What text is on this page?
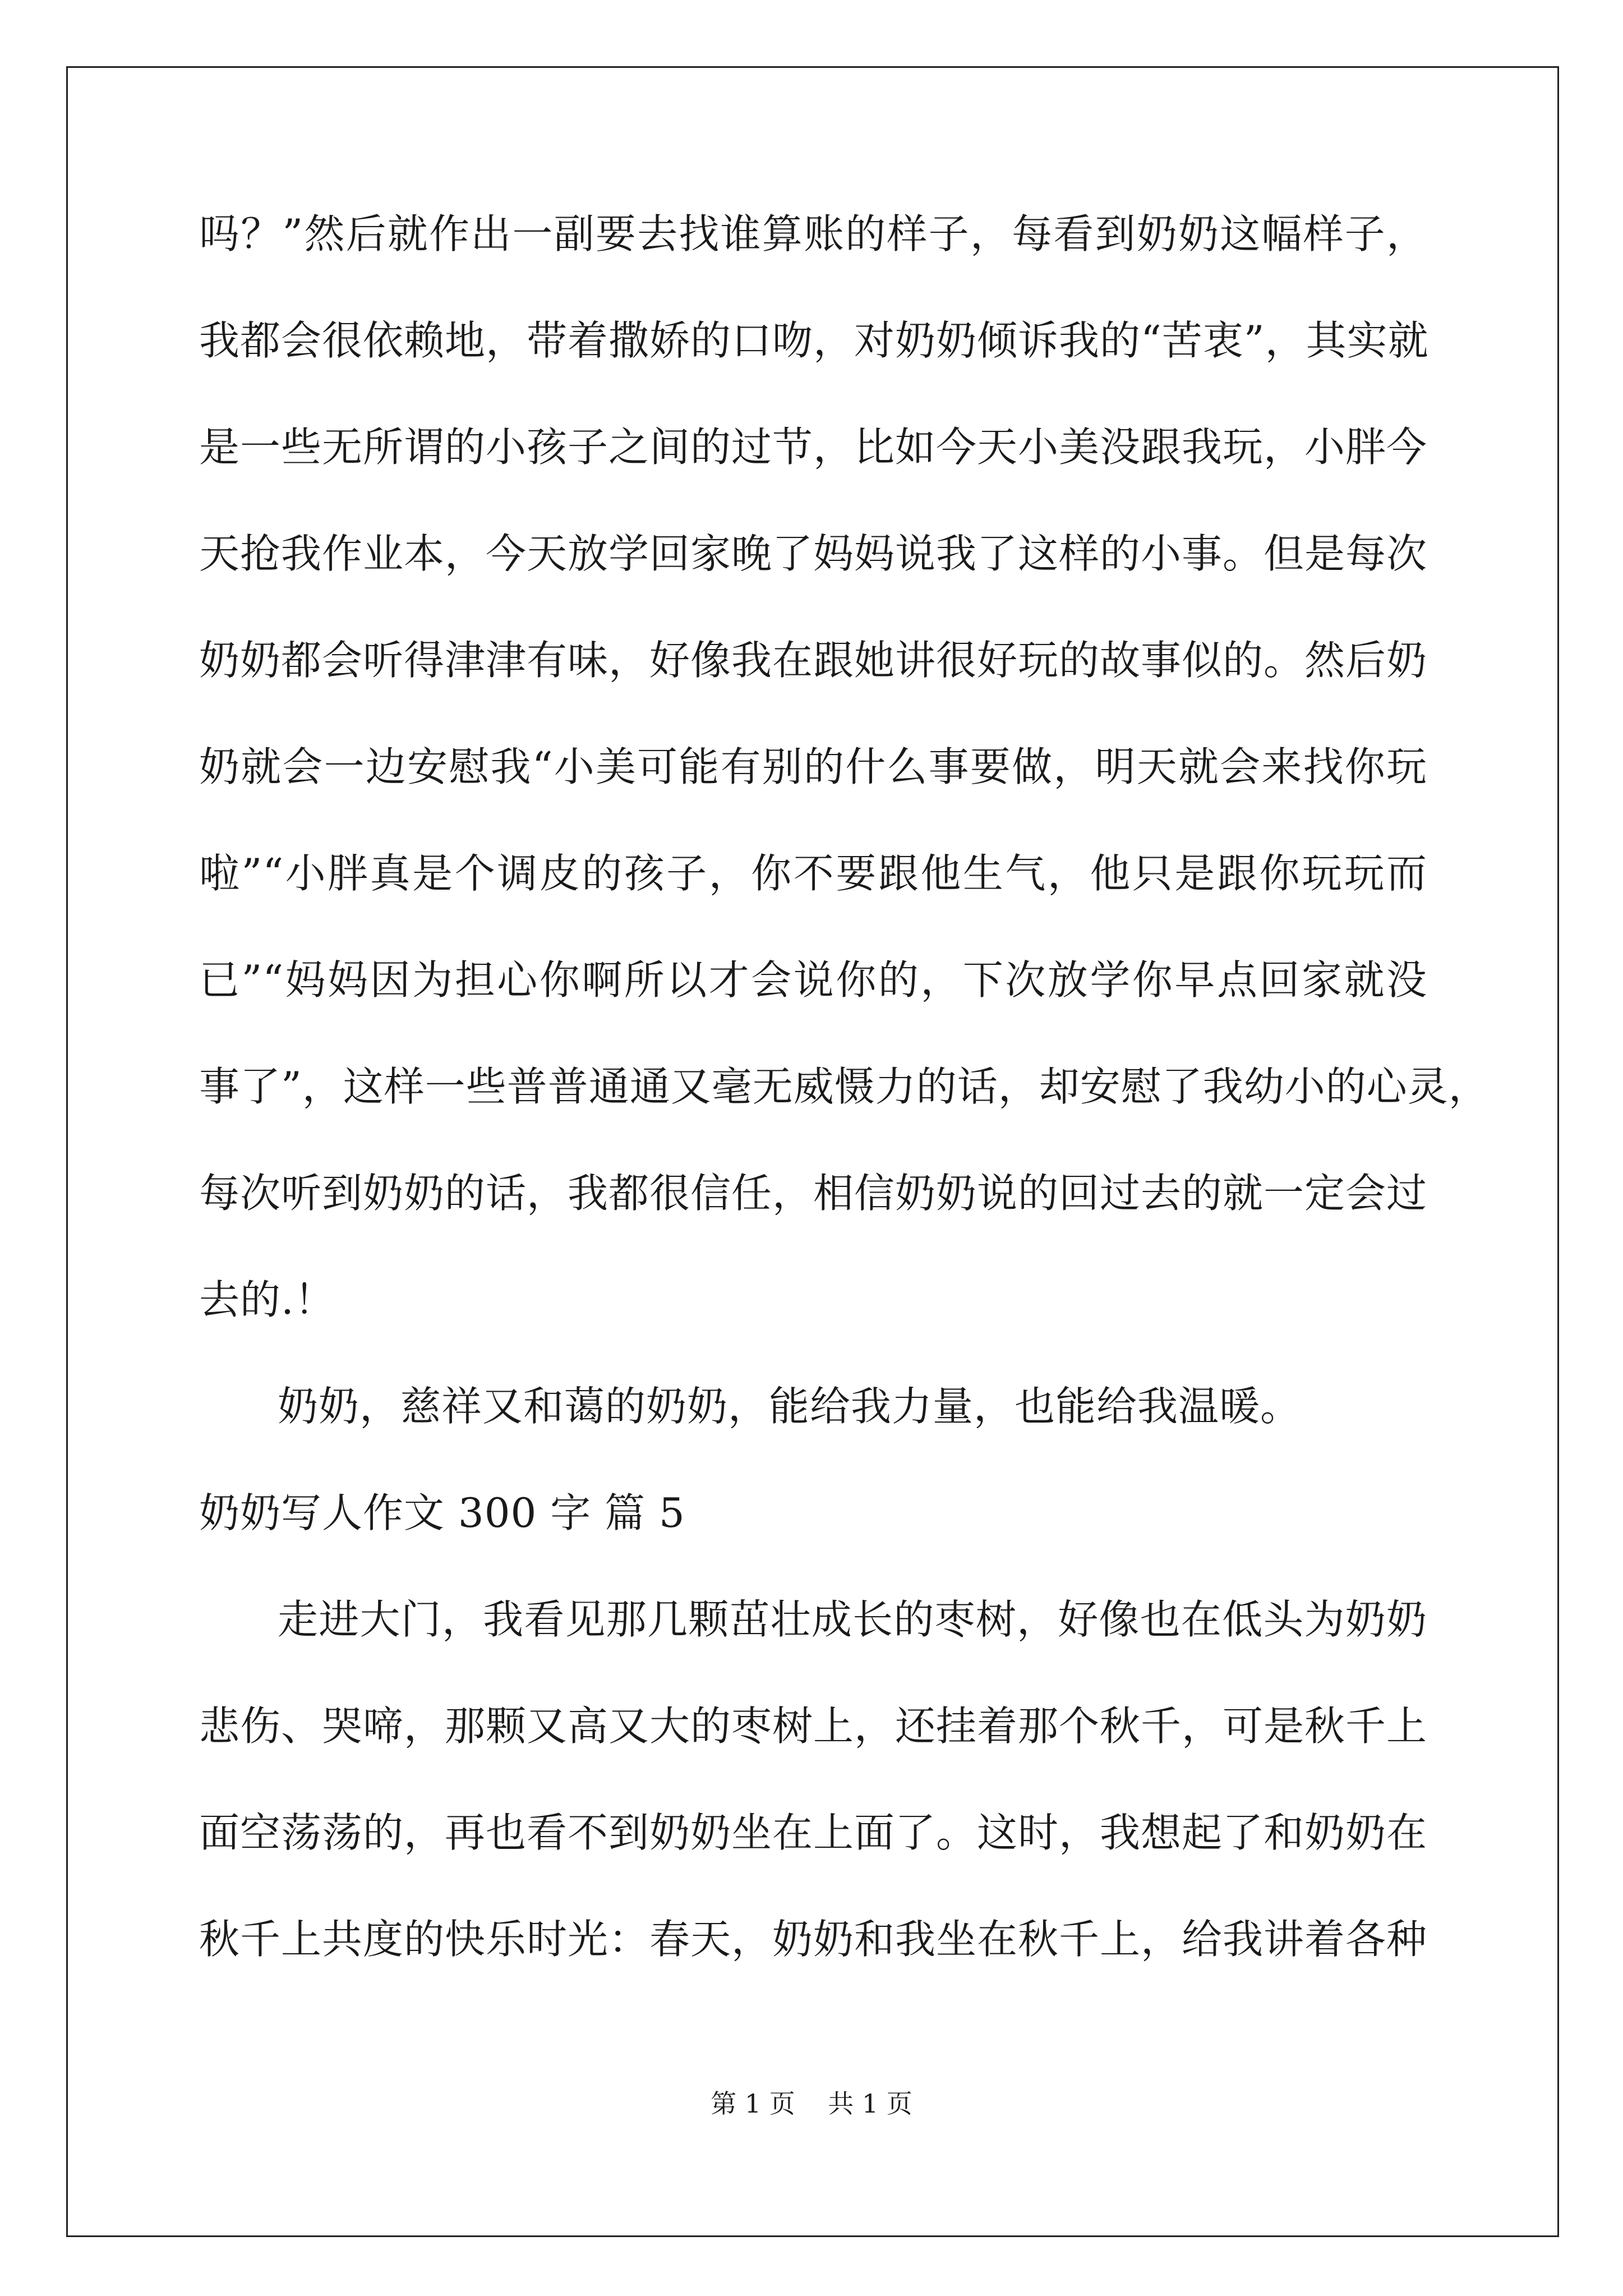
吗？”然后就作出一副要去找谁算账的样子，每看到奶奶这幅样子，
我都会很依赖地，带着撒娇的口吻，对奶奶倾诉我的“苦衷”，其实就
是一些无所谓的小孩子之间的过节，比如今天小美没跟我玩，小胖今
天抢我作业本，今天放学回家晚了妈妈说我了这样的小事。但是每次
奶奶都会听得津津有味，好像我在跟她讲很好玩的故事似的。然后奶
奶就会一边安慰我“小美可能有别的什么事要做，明天就会来找你玩
啦”“小胖真是个调皮的孩子，你不要跟他生气，他只是跟你玩玩而
已”“妈妈因为担心你啊所以才会说你的，下次放学你早点回家就没
事了”，这样一些普普通通又毫无威慑力的话，却安慰了我幼小的心灵，
每次听到奶奶的话，我都很信任，相信奶奶说的回过去的就一定会过
去的.！
奶奶，慈祥又和蔼的奶奶，能给我力量，也能给我温暖。
奶奶写人作文 300 字 篇 5
走进大门，我看见那几颗茁壮成长的枣树，好像也在低头为奶奶
悲伤、哭啼，那颗又高又大的枣树上，还挂着那个秋千，可是秋千上
面空荡荡的，再也看不到奶奶坐在上面了。这时，我想起了和奶奶在
秋千上共度的快乐时光：春天，奶奶和我坐在秋千上，给我讲着各种
第 1 页    共 1 页
